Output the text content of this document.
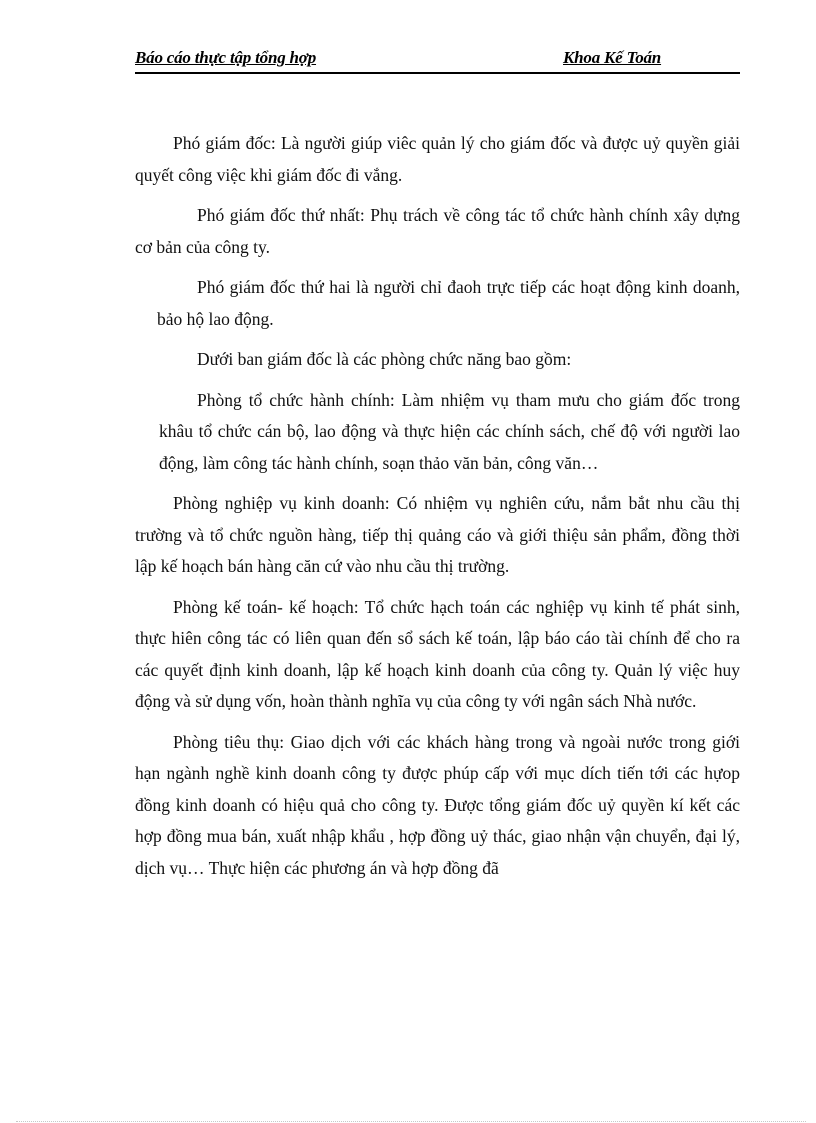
Báo cáo thực tập tổng hợp	Khoa Kế Toán

Phó giám đốc: Là người giúp viêc quản lý cho giám đốc và được uỷ quyền giải quyết công việc khi giám đốc đi vắng.

Phó giám đốc thứ nhất: Phụ trách về công tác tổ chức hành chính xây dựng cơ bản của công ty.

Phó giám đốc thứ hai là người chỉ đaoh trực tiếp các hoạt động kinh doanh, bảo hộ lao động.

Dưới ban giám đốc là các phòng chức năng bao gồm:

Phòng tổ chức hành chính: Làm nhiệm vụ tham mưu cho giám đốc trong khâu tổ chức cán bộ, lao động và thực hiện các chính sách, chế độ với người lao động, làm công tác hành chính, soạn thảo văn bản, công văn…

Phòng nghiệp vụ kinh doanh: Có nhiệm vụ nghiên cứu, nắm bắt nhu cầu thị trường và tổ chức nguồn hàng, tiếp thị quảng cáo và giới thiệu sản phẩm, đồng thời lập kế hoạch bán hàng căn cứ vào nhu cầu thị trường.

Phòng kế toán- kế hoạch: Tổ chức hạch toán các nghiệp vụ kinh tế phát sinh, thực hiên công tác có liên quan đến sổ sách kế toán, lập báo cáo tài chính để cho ra các quyết định kinh doanh, lập kế hoạch kinh doanh của công ty. Quản lý việc huy động và sử dụng vốn, hoàn thành nghĩa vụ của công ty với ngân sách Nhà nước.

Phòng tiêu thụ: Giao dịch với các khách hàng trong và ngoài nước trong giới hạn ngành nghề kinh doanh công ty được phúp cấp với mục dích tiến tới các hựop đồng kinh doanh có hiệu quả cho công ty. Được tổng giám đốc uỷ quyền kí kết các hợp đồng mua bán, xuất nhập khẩu , hợp đồng uỷ thác, giao nhận vận chuyển, đại lý, dịch vụ… Thực hiện các phương án và hợp đồng đã
